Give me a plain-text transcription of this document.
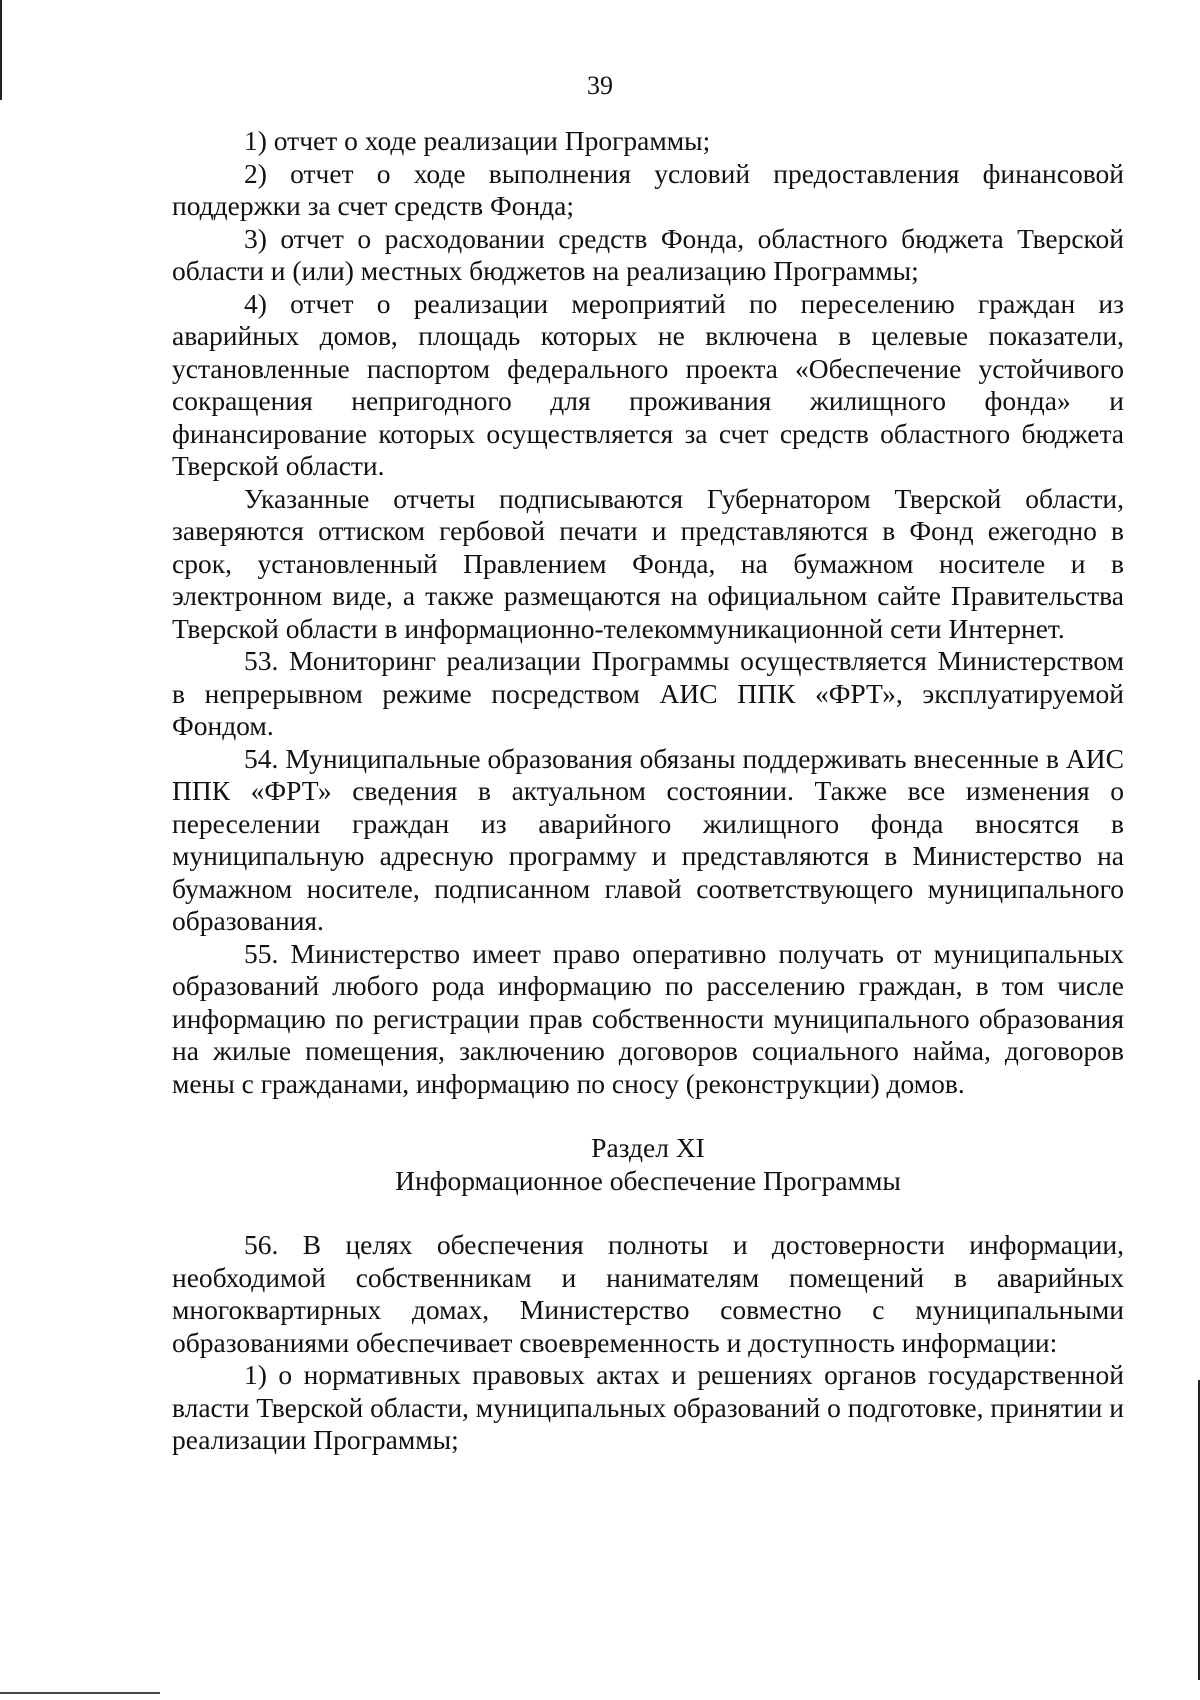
39

1) отчет о ходе реализации Программы;

2) отчет о ходе выполнения условий предоставления финансовой поддержки за счет средств Фонда;

3) отчет о расходовании средств Фонда, областного бюджета Тверской области и (или) местных бюджетов на реализацию Программы;

4) отчет о реализации мероприятий по переселению граждан из аварийных домов, площадь которых не включена в целевые показатели, установленные паспортом федерального проекта «Обеспечение устойчивого сокращения непригодного для проживания жилищного фонда» и финансирование которых осуществляется за счет средств областного бюджета Тверской области.

Указанные отчеты подписываются Губернатором Тверской области, заверяются оттиском гербовой печати и представляются в Фонд ежегодно в срок, установленный Правлением Фонда, на бумажном носителе и в электронном виде, а также размещаются на официальном сайте Правительства Тверской области в информационно-телекоммуникационной сети Интернет.

53. Мониторинг реализации Программы осуществляется Министерством в непрерывном режиме посредством АИС ППК «ФРТ», эксплуатируемой Фондом.

54. Муниципальные образования обязаны поддерживать внесенные в АИС ППК «ФРТ» сведения в актуальном состоянии. Также все изменения о переселении граждан из аварийного жилищного фонда вносятся в муниципальную адресную программу и представляются в Министерство на бумажном носителе, подписанном главой соответствующего муниципального образования.

55. Министерство имеет право оперативно получать от муниципальных образований любого рода информацию по расселению граждан, в том числе информацию по регистрации прав собственности муниципального образования на жилые помещения, заключению договоров социального найма, договоров мены с гражданами, информацию по сносу (реконструкции) домов.

Раздел XI
Информационное обеспечение Программы

56. В целях обеспечения полноты и достоверности информации, необходимой собственникам и нанимателям помещений в аварийных многоквартирных домах, Министерство совместно с муниципальными образованиями обеспечивает своевременность и доступность информации:

1) о нормативных правовых актах и решениях органов государственной власти Тверской области, муниципальных образований о подготовке, принятии и реализации Программы;
